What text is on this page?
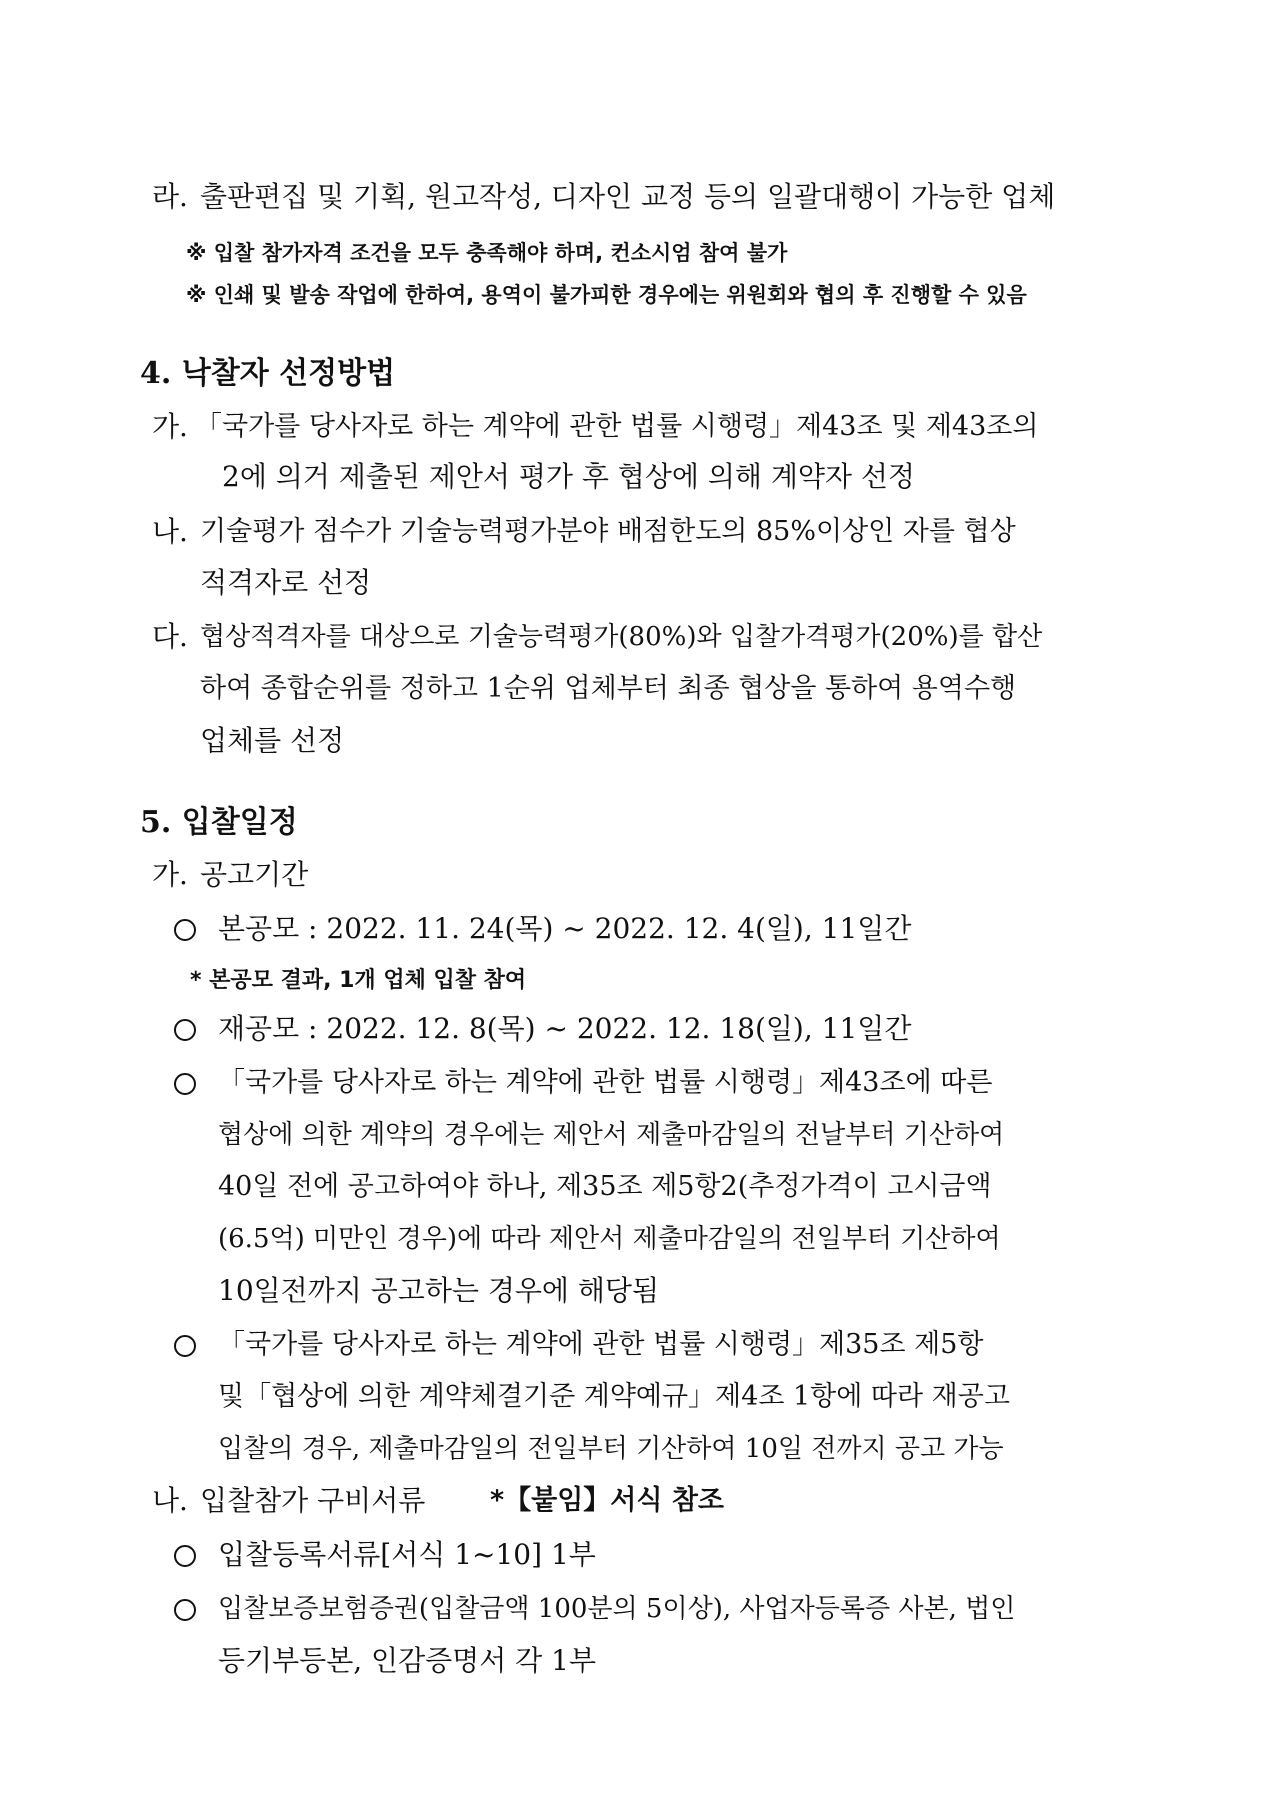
라. 출판편집 및 기획, 원고작성, 디자인 교정 등의 일괄대행이 가능한 업체
※ 입찰 참가자격 조건을 모두 충족해야 하며, 컨소시엄 참여 불가
※ 인쇄 및 발송 작업에 한하여, 용역이 불가피한 경우에는 위원회와 협의 후 진행할 수 있음
4. 낙찰자 선정방법
가. 「국가를 당사자로 하는 계약에 관한 법률 시행령」제43조 및 제43조의
2에 의거 제출된 제안서 평가 후 협상에 의해 계약자 선정
나. 기술평가 점수가 기술능력평가분야 배점한도의 85%이상인 자를 협상
적격자로 선정
다. 협상적격자를 대상으로 기술능력평가(80%)와 입찰가격평가(20%)를 합산
하여 종합순위를 정하고 1순위 업체부터 최종 협상을 통하여 용역수행
업체를 선정
5. 입찰일정
가. 공고기간
본공모 : 2022. 11. 24(목) ~ 2022. 12. 4(일), 11일간
* 본공모 결과, 1개 업체 입찰 참여
재공모 : 2022. 12. 8(목) ~ 2022. 12. 18(일), 11일간
「국가를 당사자로 하는 계약에 관한 법률 시행령」제43조에 따른
협상에 의한 계약의 경우에는 제안서 제출마감일의 전날부터 기산하여
40일 전에 공고하여야 하나, 제35조 제5항2(추정가격이 고시금액
(6.5억) 미만인 경우)에 따라 제안서 제출마감일의 전일부터 기산하여
10일전까지 공고하는 경우에 해당됨
「국가를 당사자로 하는 계약에 관한 법률 시행령」제35조 제5항
및「협상에 의한 계약체결기준 계약예규」제4조 1항에 따라 재공고
입찰의 경우, 제출마감일의 전일부터 기산하여 10일 전까지 공고 가능
나. 입찰참가 구비서류 *【붙임】서식 참조
입찰등록서류[서식 1~10] 1부
입찰보증보험증권(입찰금액 100분의 5이상), 사업자등록증 사본, 법인
등기부등본, 인감증명서 각 1부
